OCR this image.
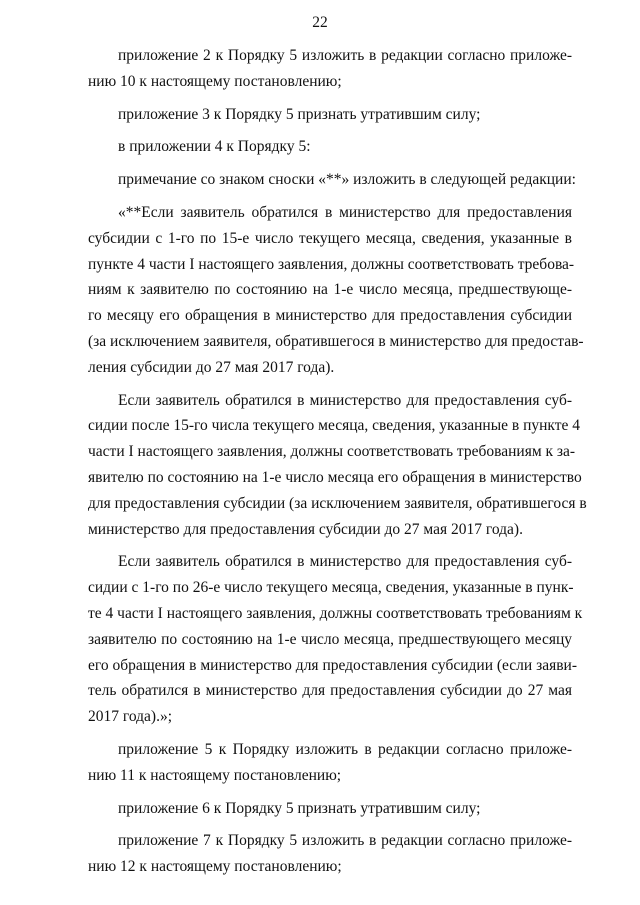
22
приложение 2 к Порядку 5 изложить в редакции согласно приложе-
нию 10 к настоящему постановлению;
приложение 3 к Порядку 5 признать утратившим силу;
в приложении 4 к Порядку 5:
примечание со знаком сноски «**» изложить в следующей редакции:
«**Если заявитель обратился в министерство для предоставления
субсидии с 1-го по 15-е число текущего месяца, сведения, указанные в
пункте 4 части I настоящего заявления, должны соответствовать требова-
ниям к заявителю по состоянию на 1-е число месяца, предшествующе-
го месяцу его обращения в министерство для предоставления субсидии
(за исключением заявителя, обратившегося в министерство для предостав-
ления субсидии до 27 мая 2017 года).
Если заявитель обратился в министерство для предоставления суб-
сидии после 15-го числа текущего месяца, сведения, указанные в пункте 4
части I настоящего заявления, должны соответствовать требованиям к за-
явителю по состоянию на 1-е число месяца его обращения в министерство
для предоставления субсидии (за исключением заявителя, обратившегося в
министерство для предоставления субсидии до 27 мая 2017 года).
Если заявитель обратился в министерство для предоставления суб-
сидии с 1-го по 26-е число текущего месяца, сведения, указанные в пунк-
те 4 части I настоящего заявления, должны соответствовать требованиям к
заявителю по состоянию на 1-е число месяца, предшествующего месяцу
его обращения в министерство для предоставления субсидии (если заяви-
тель обратился в министерство для предоставления субсидии до 27 мая
2017 года).»;
приложение 5 к Порядку изложить в редакции согласно приложе-
нию 11 к настоящему постановлению;
приложение 6 к Порядку 5 признать утратившим силу;
приложение 7 к Порядку 5 изложить в редакции согласно приложе-
нию 12 к настоящему постановлению;
